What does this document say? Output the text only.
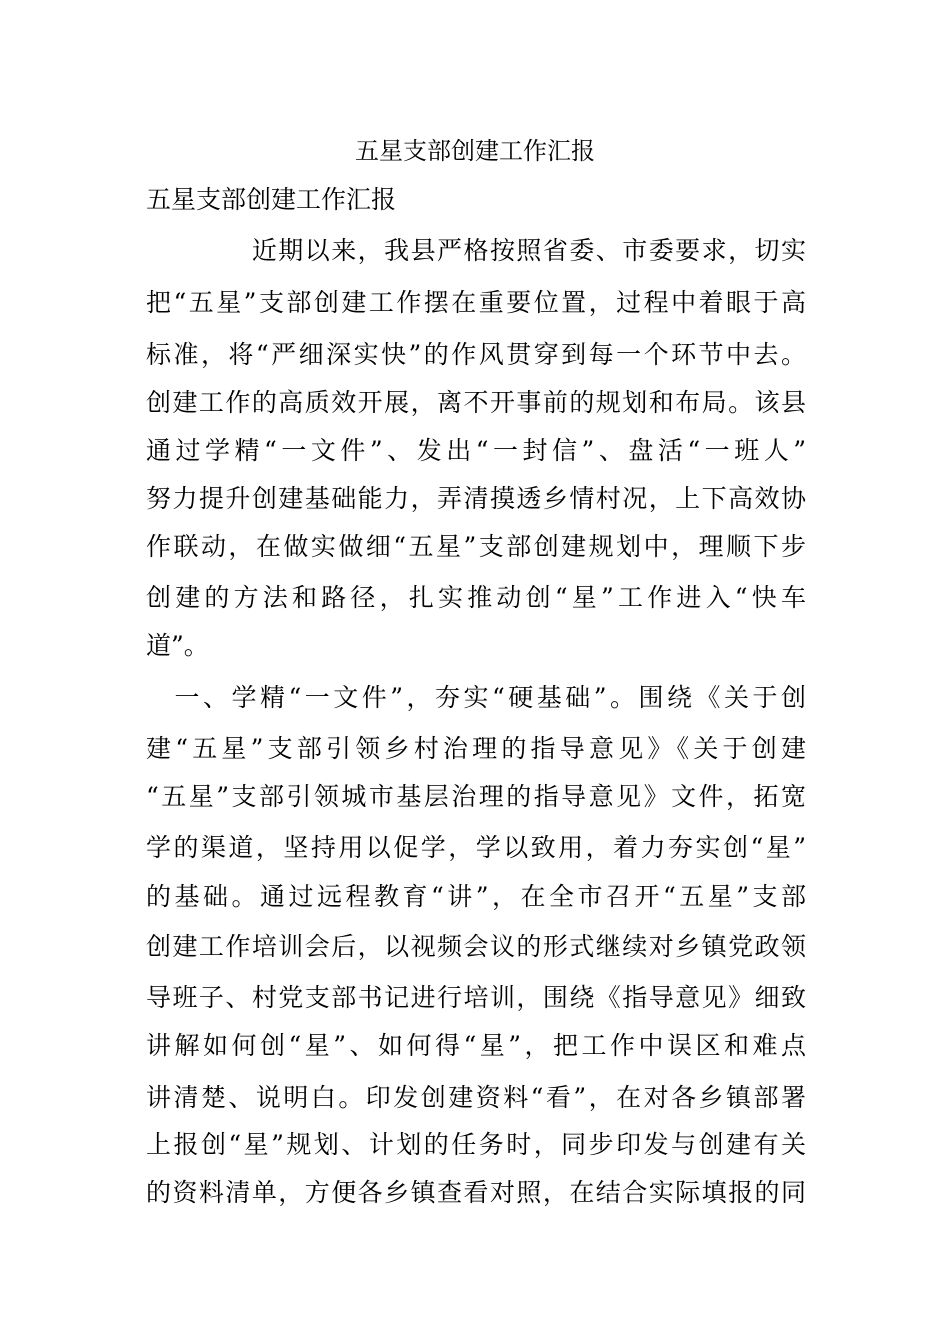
五星支部创建工作汇报
五星支部创建工作汇报

　　　　近期以来，我县严格按照省委、市委要求，切实

把“五星”支部创建工作摆在重要位置，过程中着眼于高

标准，将“严细深实快”的作风贯穿到每一个环节中去。

创建工作的高质效开展，离不开事前的规划和布局。该县

通过学精“一文件”、发出“一封信”、盘活“一班人”

努力提升创建基础能力，弄清摸透乡情村况，上下高效协

作联动，在做实做细“五星”支部创建规划中，理顺下步

创建的方法和路径，扎实推动创“星”工作进入“快车

道”。

　一、学精“一文件”，夯实“硬基础”。围绕《关于创

建“五星”支部引领乡村治理的指导意见》《关于创建

“五星”支部引领城市基层治理的指导意见》文件，拓宽

学的渠道，坚持用以促学，学以致用，着力夯实创“星”

的基础。通过远程教育“讲”，在全市召开“五星”支部

创建工作培训会后，以视频会议的形式继续对乡镇党政领

导班子、村党支部书记进行培训，围绕《指导意见》细致

讲解如何创“星”、如何得“星”，把工作中误区和难点

讲清楚、说明白。印发创建资料“看”，在对各乡镇部署

上报创“星”规划、计划的任务时，同步印发与创建有关

的资料清单，方便各乡镇查看对照，在结合实际填报的同
